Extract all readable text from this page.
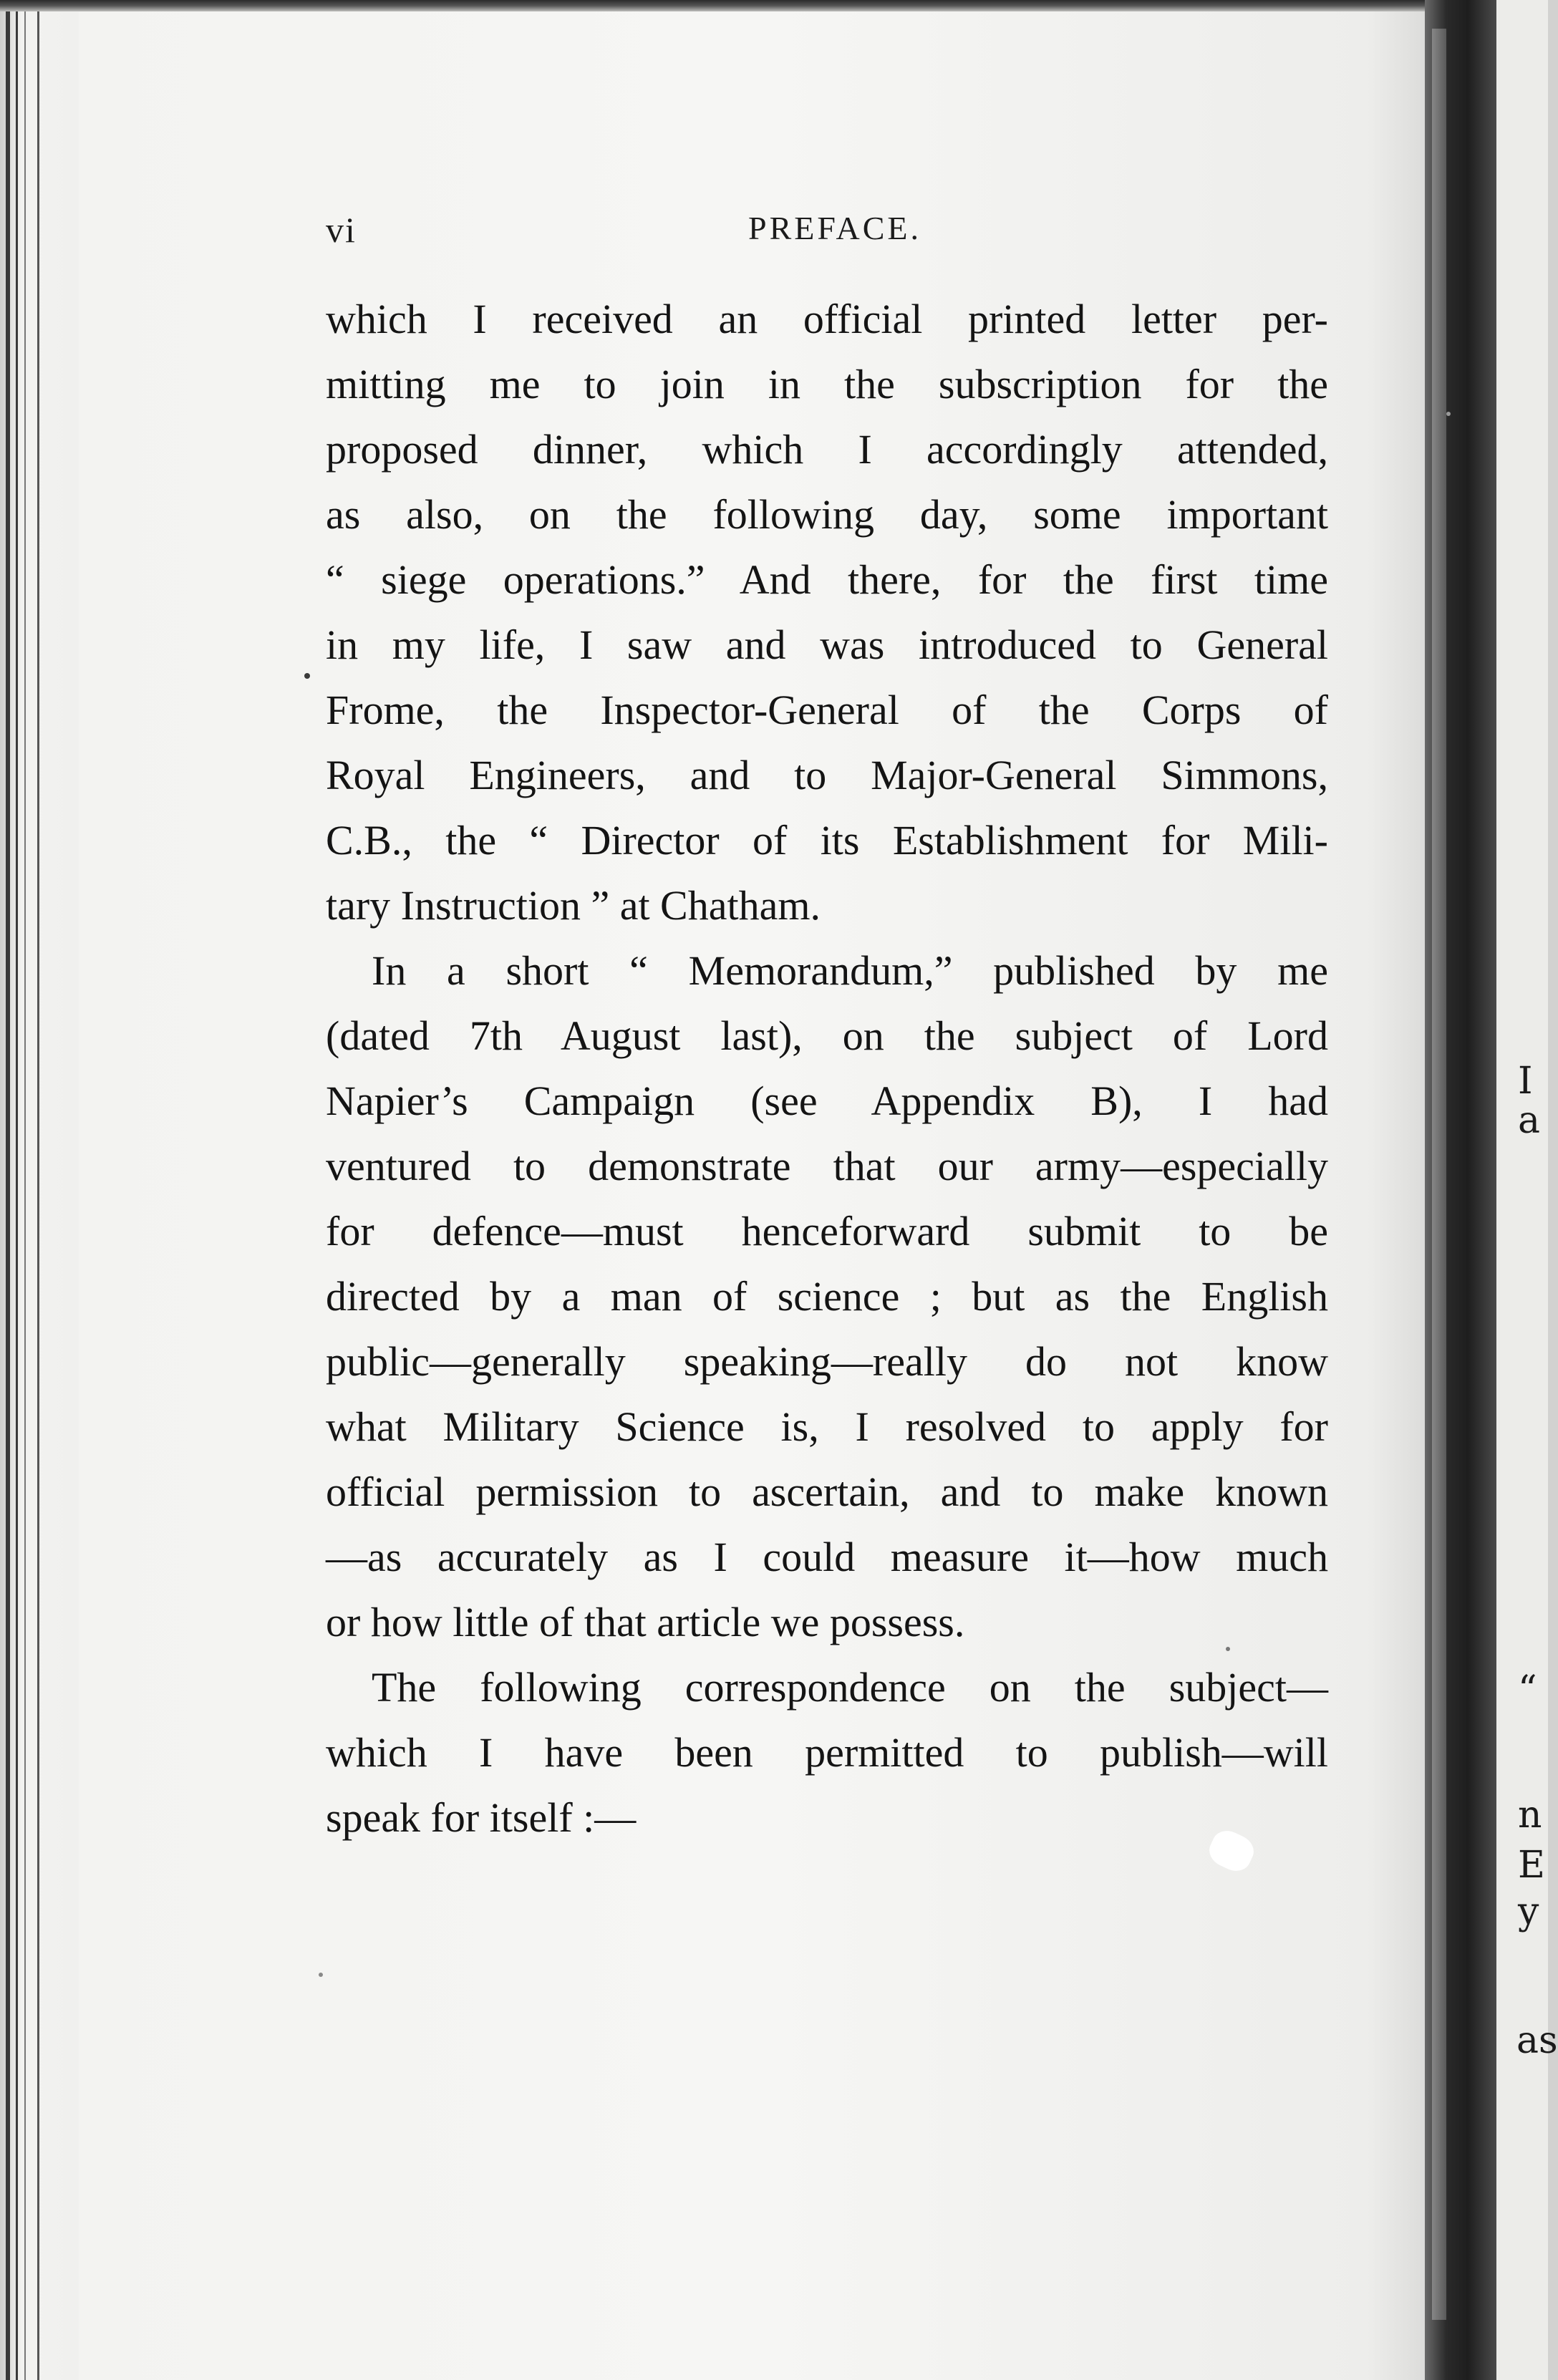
I
a
“
n
E
y
as
vi	PREFACE.
which I received an official printed letter per-
mitting me to join in the subscription for the
proposed dinner, which I accordingly attended,
as also, on the following day, some important
“ siege operations.” And there, for the first time
in my life, I saw and was introduced to General
Frome, the Inspector-General of the Corps of
Royal Engineers, and to Major-General Simmons,
C.B., the “ Director of its Establishment for Mili-
tary Instruction ” at Chatham.
In a short “ Memorandum,” published by me
(dated 7th August last), on the subject of Lord
Napier’s Campaign (see Appendix B), I had
ventured to demonstrate that our army—especially
for defence—must henceforward submit to be
directed by a man of science ; but as the English
public—generally speaking—really do not know
what Military Science is, I resolved to apply for
official permission to ascertain, and to make known
—as accurately as I could measure it—how much
or how little of that article we possess.
The following correspondence on the subject—
which I have been permitted to publish—will
speak for itself :—
